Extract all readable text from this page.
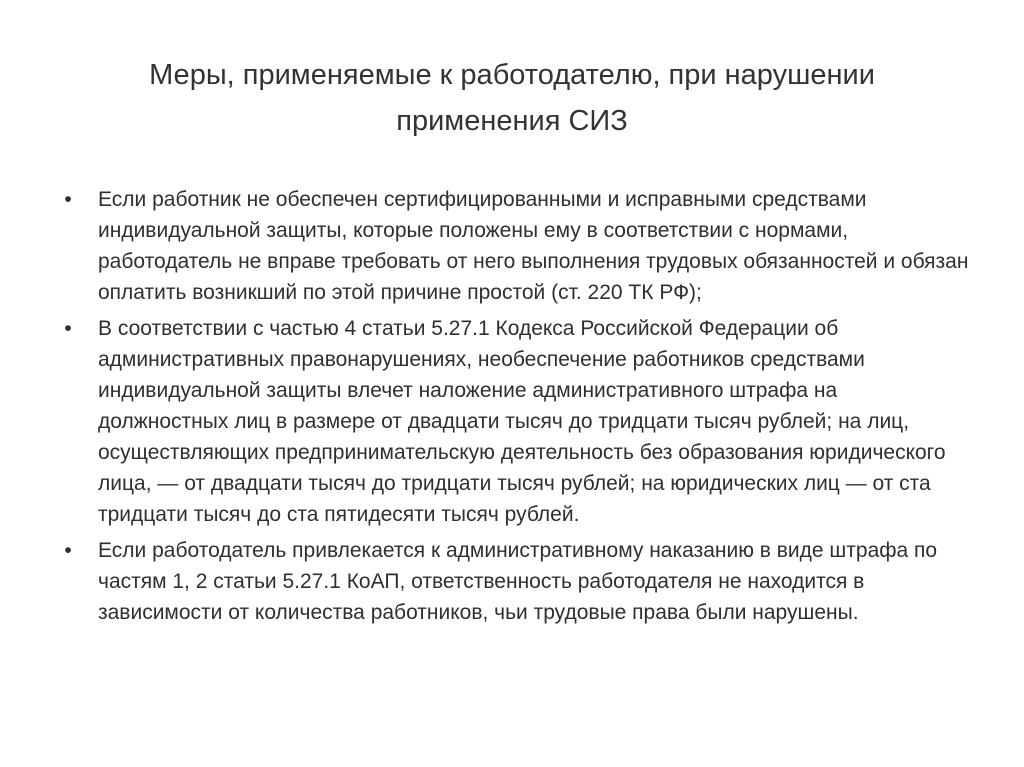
Меры, применяемые к работодателю, при нарушении
применения СИЗ
•	Если работник не обеспечен сертифицированными и исправными средствами индивидуальной защиты, которые положены ему в соответствии с нормами, работодатель не вправе требовать от него выполнения трудовых обязанностей и обязан оплатить возникший по этой причине простой (ст. 220 ТК РФ);
•	В соответствии с частью 4 статьи 5.27.1 Кодекса Российской Федерации об административных правонарушениях, необеспечение работников средствами индивидуальной защиты влечет наложение административного штрафа на должностных лиц в размере от двадцати тысяч до тридцати тысяч рублей; на лиц, осуществляющих предпринимательскую деятельность без образования юридического лица, — от двадцати тысяч до тридцати тысяч рублей; на юридических лиц — от ста тридцати тысяч до ста пятидесяти тысяч рублей.
•	Если работодатель привлекается к административному наказанию в виде штрафа по частям 1, 2 статьи 5.27.1 КоАП, ответственность работодателя не находится в зависимости от количества работников, чьи трудовые права были нарушены.
